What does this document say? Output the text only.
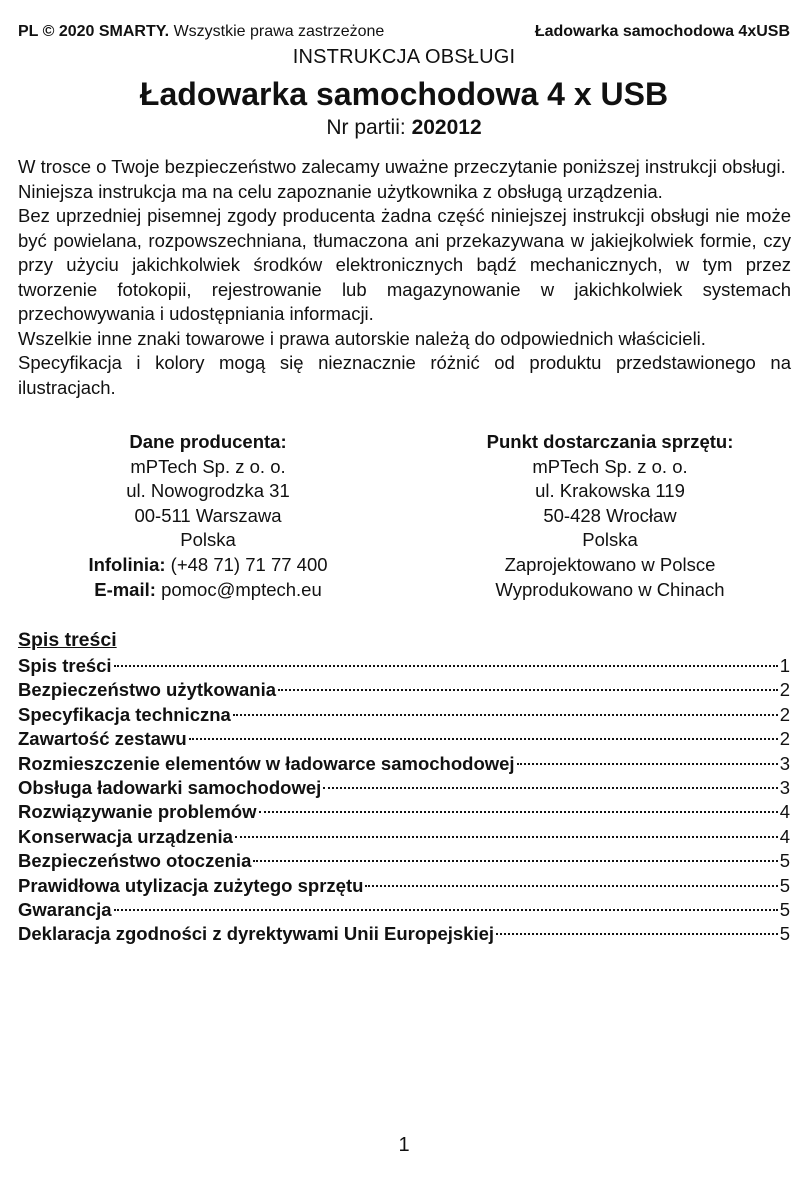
PL © 2020 SMARTY. Wszystkie prawa zastrzeżone	Ładowarka samochodowa 4xUSB
INSTRUKCJA OBSŁUGI
Ładowarka samochodowa 4 x USB
Nr partii: 202012

W trosce o Twoje bezpieczeństwo zalecamy uważne przeczytanie poniższej instrukcji obsługi.

Niniejsza instrukcja ma na celu zapoznanie użytkownika z obsługą urządzenia.

Bez uprzedniej pisemnej zgody producenta żadna część niniejszej instrukcji obsługi nie może być powielana, rozpowszechniana, tłumaczona ani przekazywana w jakiejkolwiek formie, czy przy użyciu jakichkolwiek środków elektronicznych bądź mechanicznych, w tym przez tworzenie fotokopii, rejestrowanie lub magazynowanie w jakichkolwiek systemach przechowywania i udostępniania informacji.

Wszelkie inne znaki towarowe i prawa autorskie należą do odpowiednich właścicieli.

Specyfikacja i kolory mogą się nieznacznie różnić od produktu przedstawionego na ilustracjach.

Dane producenta:
mPTech Sp. z o. o.
ul. Nowogrodzka 31
00-511 Warszawa
Polska
Infolinia: (+48 71) 71 77 400
E-mail: pomoc@mptech.eu
Punkt dostarczania sprzętu:
mPTech Sp. z o. o.
ul. Krakowska 119
50-428 Wrocław
Polska
Zaprojektowano w Polsce
Wyprodukowano w Chinach
Spis treści
Spis treści	1
Bezpieczeństwo użytkowania	2
Specyfikacja techniczna	2
Zawartość zestawu	2
Rozmieszczenie elementów w ładowarce samochodowej	3
Obsługa ładowarki samochodowej	3
Rozwiązywanie problemów	4
Konserwacja urządzenia	4
Bezpieczeństwo otoczenia	5
Prawidłowa utylizacja zużytego sprzętu	5
Gwarancja	5
Deklaracja zgodności z dyrektywami Unii Europejskiej	5
1
